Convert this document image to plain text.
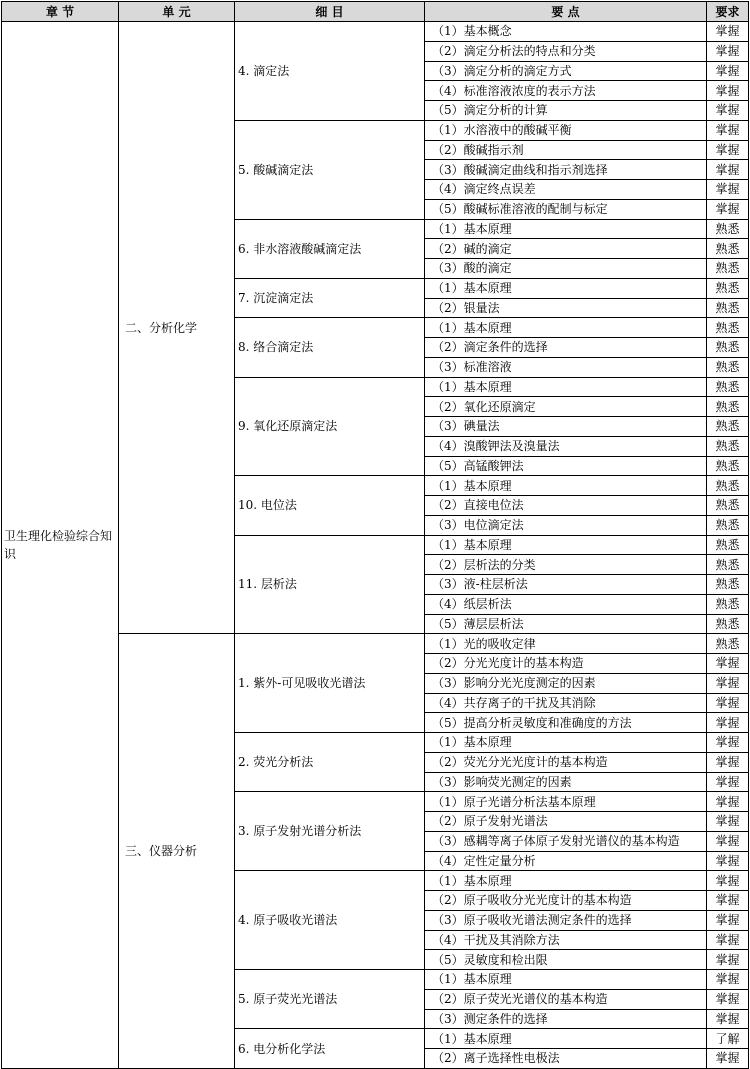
章 节	单 元	细 目	要 点	要求
卫生理化检验综合知识	二、分析化学	4. 滴定法	（1）基本概念	掌握
			（2）滴定分析法的特点和分类	掌握
			（3）滴定分析的滴定方式	掌握
			（4）标准溶液浓度的表示方法	掌握
			（5）滴定分析的计算	掌握
		5. 酸碱滴定法	（1）水溶液中的酸碱平衡	掌握
			（2）酸碱指示剂	掌握
			（3）酸碱滴定曲线和指示剂选择	掌握
			（4）滴定终点误差	掌握
			（5）酸碱标准溶液的配制与标定	掌握
		6. 非水溶液酸碱滴定法	（1）基本原理	熟悉
			（2）碱的滴定	熟悉
			（3）酸的滴定	熟悉
		7. 沉淀滴定法	（1）基本原理	熟悉
			（2）银量法	熟悉
		8. 络合滴定法	（1）基本原理	熟悉
			（2）滴定条件的选择	熟悉
			（3）标准溶液	熟悉
		9. 氧化还原滴定法	（1）基本原理	熟悉
			（2）氧化还原滴定	熟悉
			（3）碘量法	熟悉
			（4）溴酸钾法及溴量法	熟悉
			（5）高锰酸钾法	熟悉
		10. 电位法	（1）基本原理	熟悉
			（2）直接电位法	熟悉
			（3）电位滴定法	熟悉
		11. 层析法	（1）基本原理	熟悉
			（2）层析法的分类	熟悉
			（3）液-柱层析法	熟悉
			（4）纸层析法	熟悉
			（5）薄层层析法	熟悉
	三、仪器分析	1. 紫外-可见吸收光谱法	（1）光的吸收定律	熟悉
			（2）分光光度计的基本构造	掌握
			（3）影响分光光度测定的因素	掌握
			（4）共存离子的干扰及其消除	掌握
			（5）提高分析灵敏度和准确度的方法	掌握
		2. 荧光分析法	（1）基本原理	掌握
			（2）荧光分光光度计的基本构造	掌握
			（3）影响荧光测定的因素	掌握
		3. 原子发射光谱分析法	（1）原子光谱分析法基本原理	掌握
			（2）原子发射光谱法	掌握
			（3）感耦等离子体原子发射光谱仪的基本构造	掌握
			（4）定性定量分析	掌握
		4. 原子吸收光谱法	（1）基本原理	掌握
			（2）原子吸收分光光度计的基本构造	掌握
			（3）原子吸收光谱法测定条件的选择	掌握
			（4）干扰及其消除方法	掌握
			（5）灵敏度和检出限	掌握
		5. 原子荧光光谱法	（1）基本原理	掌握
			（2）原子荧光光谱仪的基本构造	掌握
			（3）测定条件的选择	掌握
		6. 电分析化学法	（1）基本原理	了解
			（2）离子选择性电极法	掌握
